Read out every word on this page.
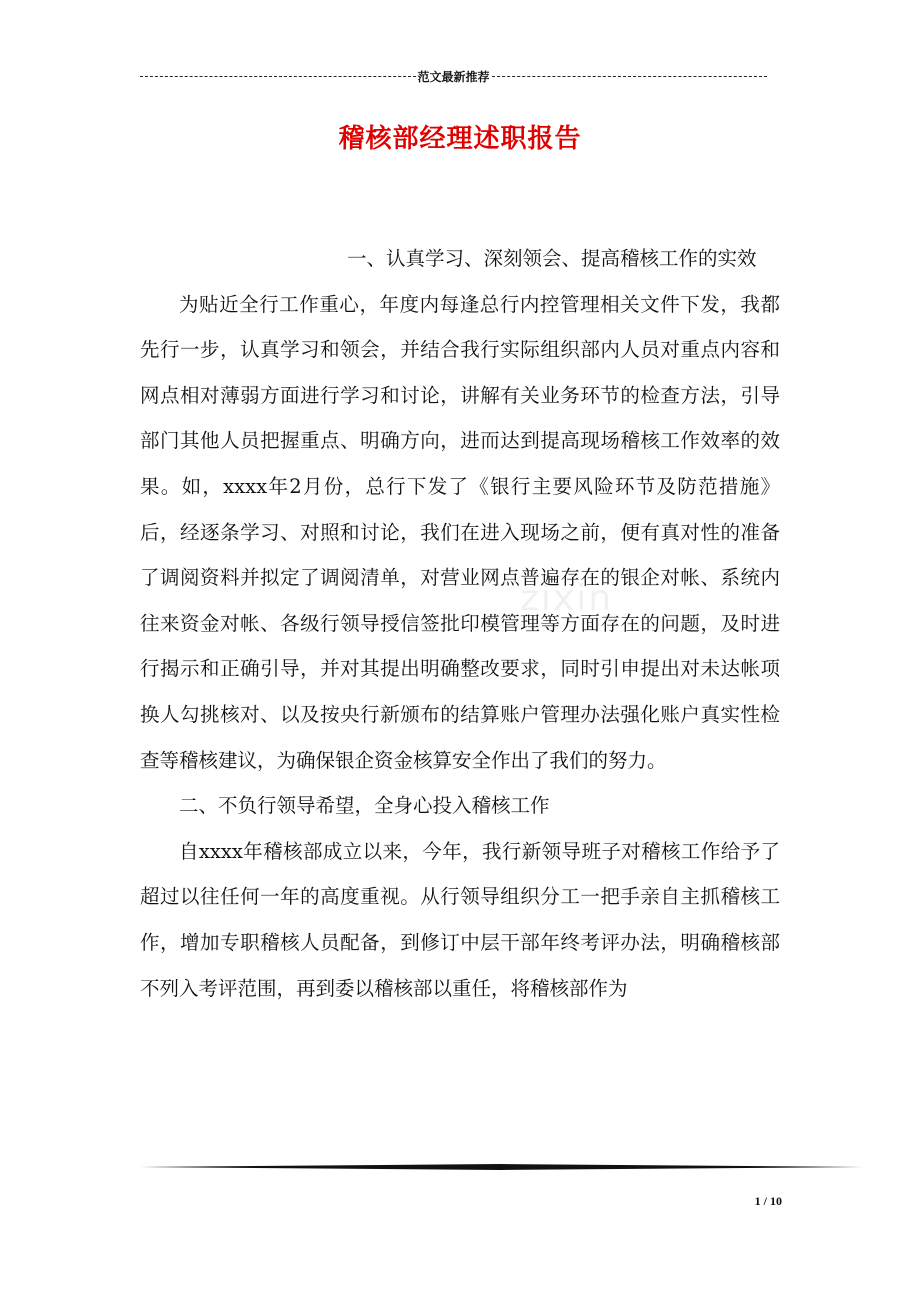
范文最新推荐
稽核部经理述职报告

一、认真学习、深刻领会、提高稽核工作的实效

为贴近全行工作重心，年度内每逢总行内控管理相关文件下发，我都先行一步，认真学习和领会，并结合我行实际组织部内人员对重点内容和网点相对薄弱方面进行学习和讨论，讲解有关业务环节的检查方法，引导部门其他人员把握重点、明确方向，进而达到提高现场稽核工作效率的效果。如，xxxx年2月份，总行下发了《银行主要风险环节及防范措施》后，经逐条学习、对照和讨论，我们在进入现场之前，便有真对性的准备了调阅资料并拟定了调阅清单，对营业网点普遍存在的银企对帐、系统内往来资金对帐、各级行领导授信签批印模管理等方面存在的问题，及时进行揭示和正确引导，并对其提出明确整改要求，同时引申提出对未达帐项换人勾挑核对、以及按央行新颁布的结算账户管理办法强化账户真实性检查等稽核建议，为确保银企资金核算安全作出了我们的努力。

二、不负行领导希望，全身心投入稽核工作

自xxxx年稽核部成立以来，今年，我行新领导班子对稽核工作给予了超过以往任何一年的高度重视。从行领导组织分工一把手亲自主抓稽核工作，增加专职稽核人员配备，到修订中层干部年终考评办法，明确稽核部不列入考评范围，再到委以稽核部以重任，将稽核部作为

zixin
1 / 10
